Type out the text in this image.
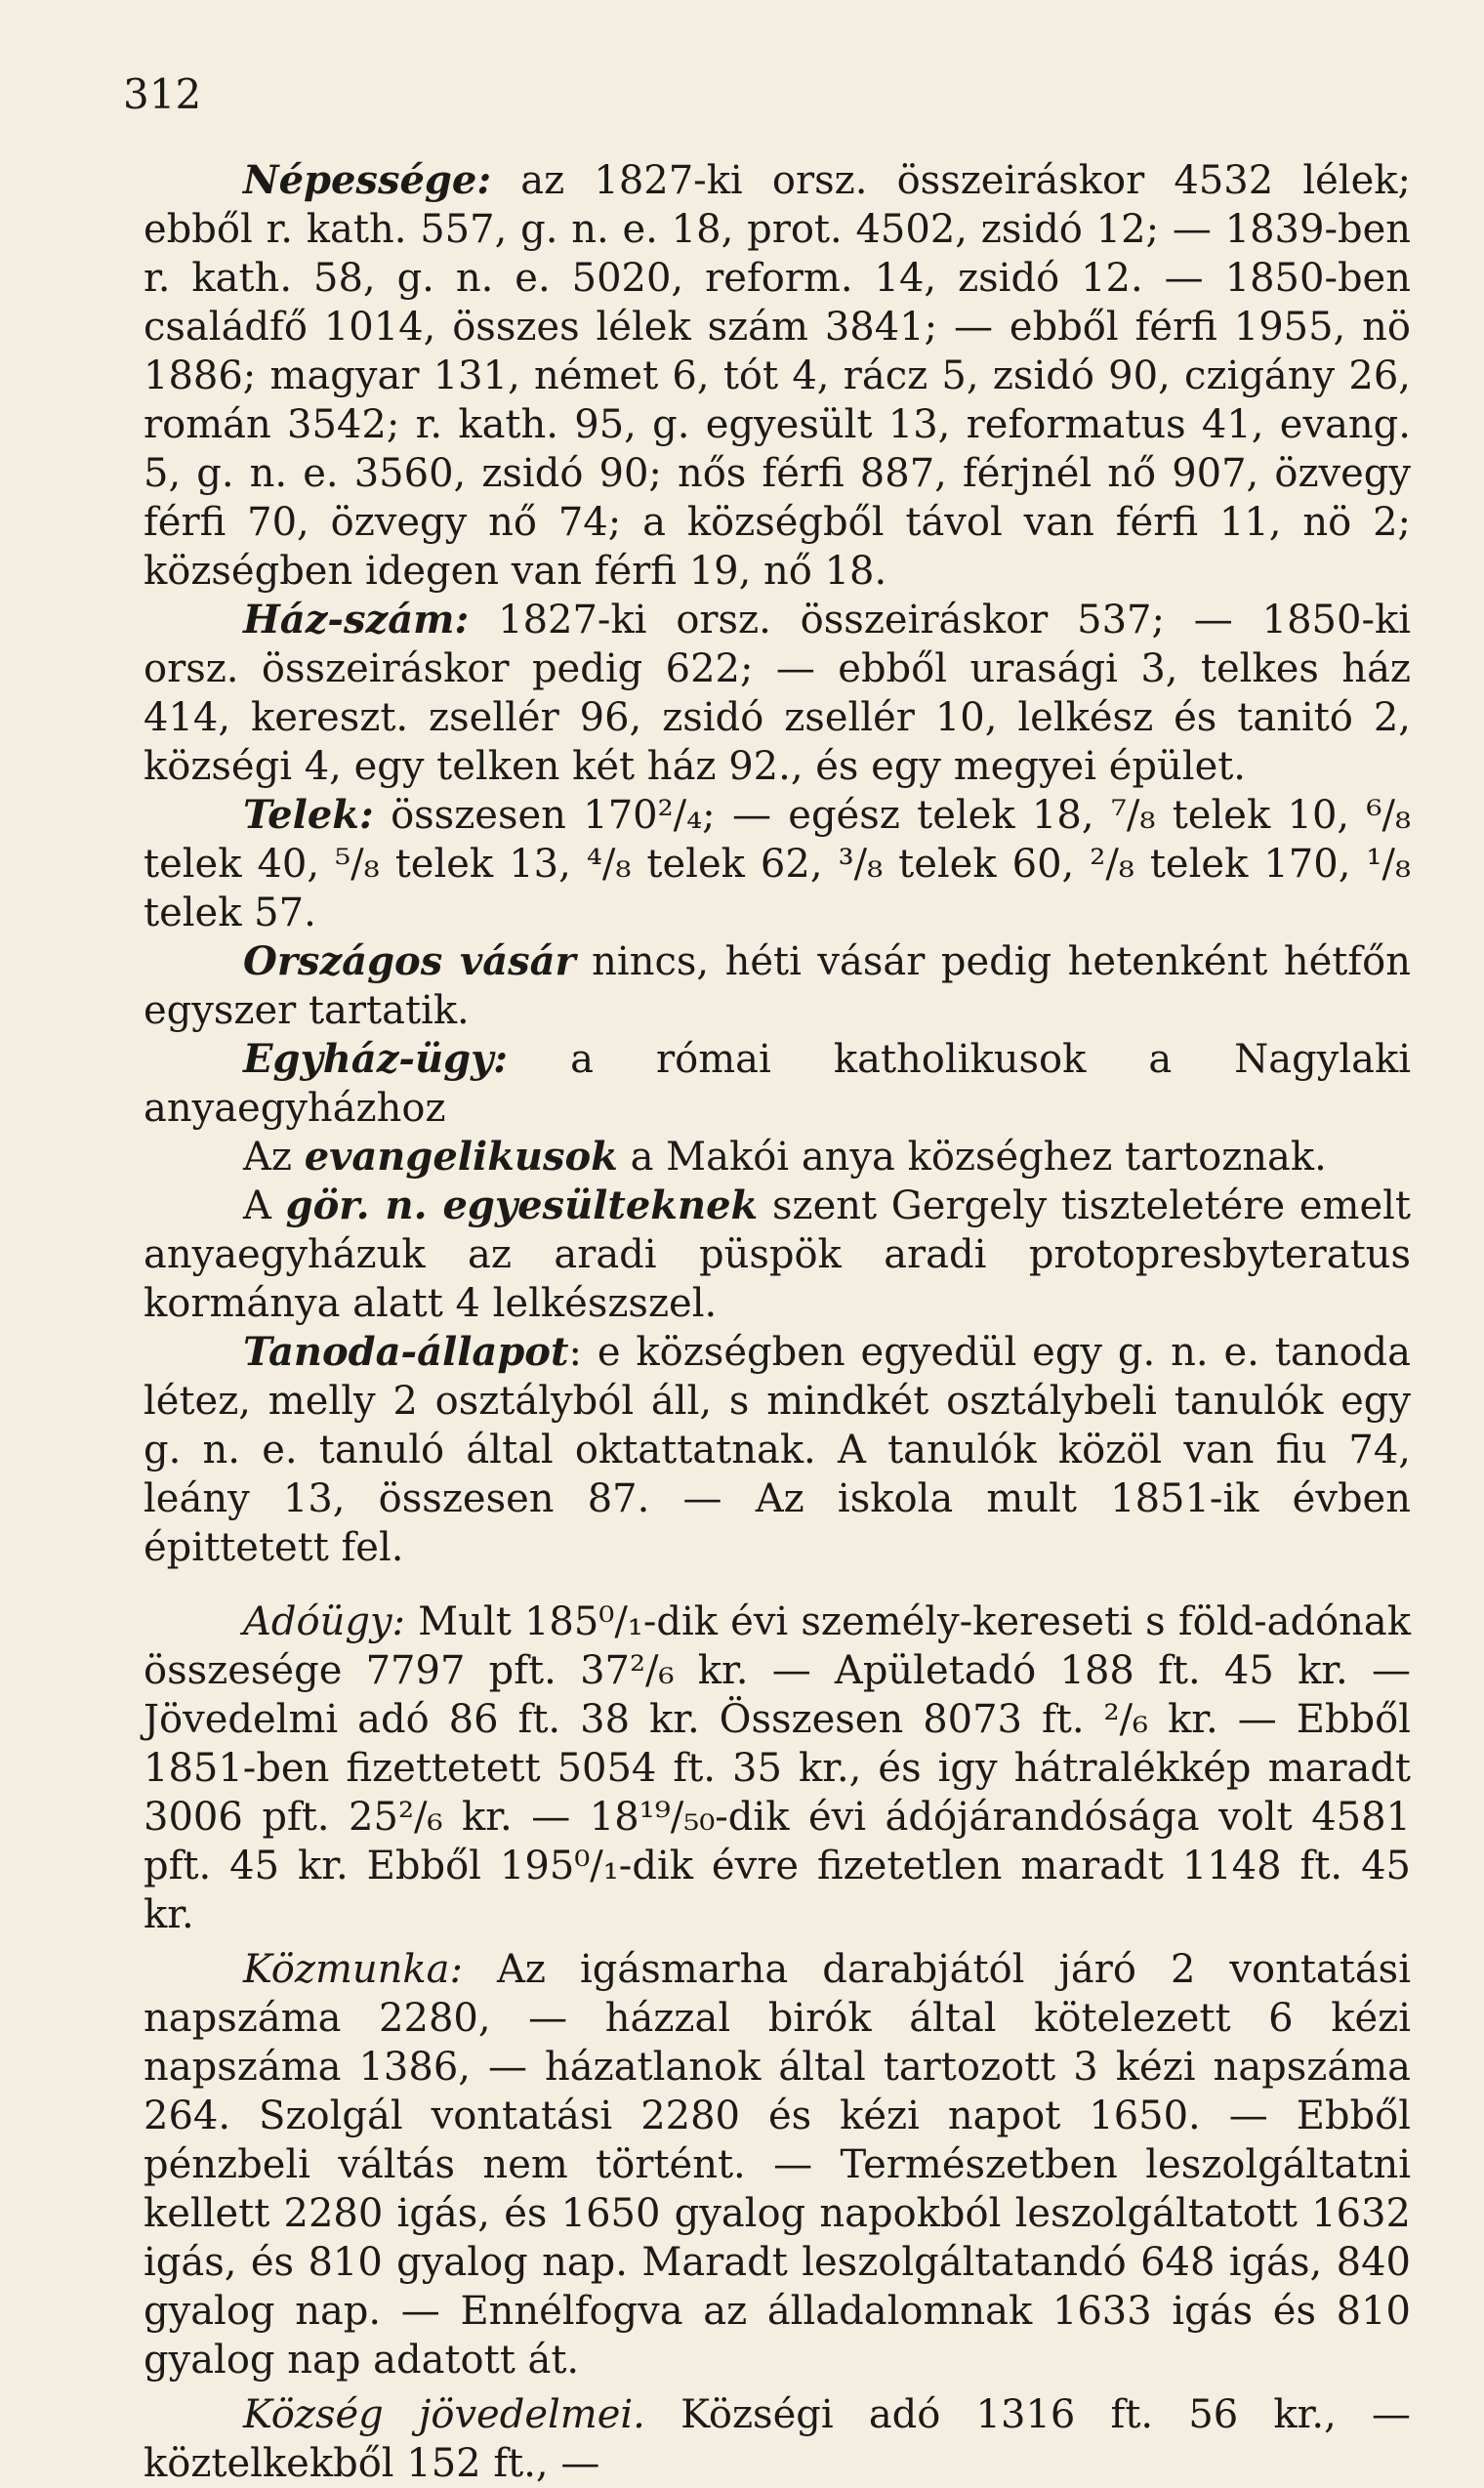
312

Népessége: az 1827-ki orsz. összeiráskor 4532 lélek; ebből r. kath. 557, g. n. e. 18, prot. 4502, zsidó 12; — 1839-ben r. kath. 58, g. n. e. 5020, reform. 14, zsidó 12. — 1850-ben családfő 1014, összes lélek szám 3841; — ebből férfi 1955, nö 1886; magyar 131, német 6, tót 4, rácz 5, zsidó 90, czigány 26, román 3542; r. kath. 95, g. egyesült 13, reformatus 41, evang. 5, g. n. e. 3560, zsidó 90; nős férfi 887, férjnél nő 907, özvegy férfi 70, özvegy nő 74; a községből távol van férfi 11, nö 2; községben idegen van férfi 19, nő 18.

Ház-szám: 1827-ki orsz. összeiráskor 537; — 1850-ki orsz. összeiráskor pedig 622; — ebből urasági 3, telkes ház 414, kereszt. zsellér 96, zsidó zsellér 10, lelkész és tanitó 2, községi 4, egy telken két ház 92., és egy megyei épület.

Telek: összesen 170²/₄; — egész telek 18, ⁷/₈ telek 10, ⁶/₈ telek 40, ⁵/₈ telek 13, ⁴/₈ telek 62, ³/₈ telek 60, ²/₈ telek 170, ¹/₈ telek 57.

Országos vásár nincs, héti vásár pedig hetenként hétfőn egyszer tartatik.

Egyház-ügy: a római katholikusok a Nagylaki anyaegyházhoz

Az evangelikusok a Makói anya községhez tartoznak.

A gör. n. egyesülteknek szent Gergely tiszteletére emelt anyaegyházuk az aradi püspök aradi protopresbyteratus kormánya alatt 4 lelkészszel.

Tanoda-állapot: e községben egyedül egy g. n. e. tanoda létez, melly 2 osztályból áll, s mindkét osztálybeli tanulók egy g. n. e. tanuló által oktattatnak. A tanulók közöl van fiu 74, leány 13, összesen 87. — Az iskola mult 1851-ik évben épittetett fel.

Adóügy: Mult 185⁰/₁-dik évi személy-kereseti s föld-adónak összesége 7797 pft. 37²/₆ kr. — Apületadó 188 ft. 45 kr. — Jövedelmi adó 86 ft. 38 kr. Összesen 8073 ft. ²/₆ kr. — Ebből 1851-ben fizettetett 5054 ft. 35 kr., és igy hátralékkép maradt 3006 pft. 25²/₆ kr. — 18¹⁹/₅₀-dik évi ádójárandósága volt 4581 pft. 45 kr. Ebből 195⁰/₁-dik évre fizetetlen maradt 1148 ft. 45 kr.

Közmunka: Az igásmarha darabjától járó 2 vontatási napszáma 2280, — házzal birók által kötelezett 6 kézi napszáma 1386, — házatlanok által tartozott 3 kézi napszáma 264. Szolgál vontatási 2280 és kézi napot 1650. — Ebből pénzbeli váltás nem történt. — Természetben leszolgáltatni kellett 2280 igás, és 1650 gyalog napokból leszolgáltatott 1632 igás, és 810 gyalog nap. Maradt leszolgáltatandó 648 igás, 840 gyalog nap. — Ennélfogva az álladalomnak 1633 igás és 810 gyalog nap adatott át.

Község jövedelmei. Községi adó 1316 ft. 56 kr., — köztelkekből 152 ft., —
